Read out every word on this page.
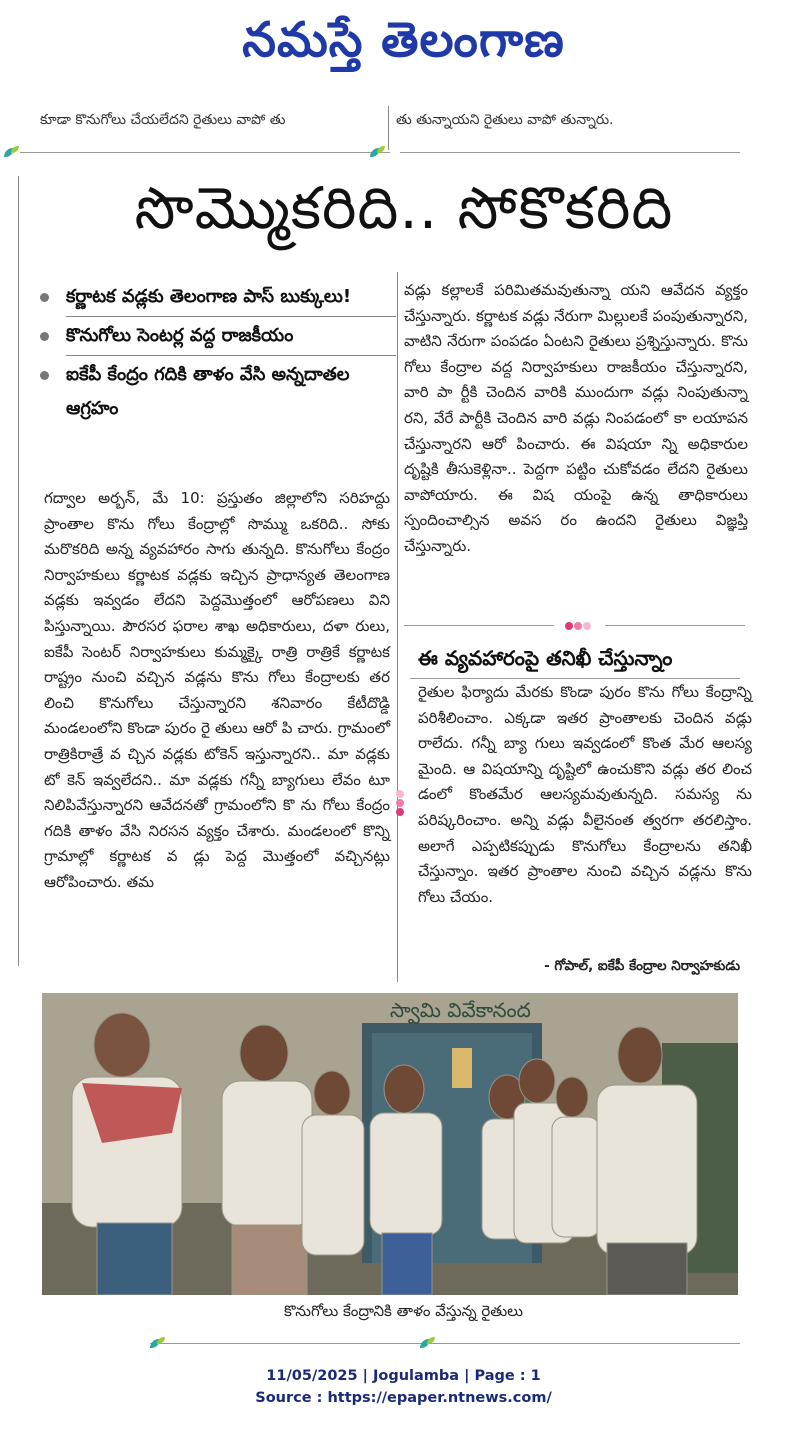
నమస్తే తెలంగాణ
కూడా కొనుగోలు చేయలేదని రైతులు వాపో తు	తు తున్నాయని రైతులు వాపో తున్నారు.
సొమ్మొకరిది.. సోకొకరిది
కర్ణాటక వడ్లకు తెలంగాణ పాస్ బుక్కులు!
కొనుగోలు సెంటర్ల వద్ద రాజకీయం
ఐకేపీ కేంద్రం గదికి తాళం వేసి అన్నదాతల ఆగ్రహం

గద్వాల అర్బన్, మే 10: ప్రస్తుతం జిల్లాలోని సరిహద్దు ప్రాంతాల కొను గోలు కేంద్రాల్లో సొమ్ము ఒకరిది.. సోకు మరొకరిది అన్న వ్యవహారం సాగు తున్నది. కొనుగోలు కేంద్రం నిర్వాహకులు కర్ణాటక వడ్లకు ఇచ్చిన ప్రాధాన్యత తెలంగాణ వడ్లకు ఇవ్వడం లేదని పెద్దమొత్తంలో ఆరోపణలు విని పిస్తున్నాయి. పౌరసర ఫరాల శాఖ అధికారులు, దళా రులు, ఐకేపీ సెంటర్ నిర్వాహకులు కుమ్మక్కై రాత్రి రాత్రికే కర్ణాటక రాష్ట్రం నుంచి వచ్చిన వడ్లను కొను గోలు కేంద్రాలకు తర లించి కొనుగోలు చేస్తున్నారని శనివారం కేటీదొడ్డి మండలంలోని కొండా పురం రై తులు ఆరో పి చారు. గ్రామంలో రాత్రికిరాత్రే వ చ్చిన వడ్లకు టోకెన్ ఇస్తున్నారని.. మా వడ్లకు టో కెన్ ఇవ్వలేదని.. మా వడ్లకు గన్నీ బ్యాగులు లేవం టూ నిలిపివేస్తున్నారని ఆవేదనతో గ్రామంలోని కొ ను గోలు కేంద్రం గదికి తాళం వేసి నిరసన వ్యక్తం చేశారు. మండలంలో కొన్ని గ్రామాల్లో కర్ణాటక వ డ్లు పెద్ద మొత్తంలో వచ్చినట్లు ఆరోపించారు. తమ

వడ్లు కల్లాలకే పరిమితమవుతున్నా యని ఆవేదన వ్యక్తం చేస్తున్నారు. కర్ణాటక వడ్లు నేరుగా మిల్లులకే పంపుతున్నారని, వాటిని నేరుగా పంపడం ఏంటని రైతులు ప్రశ్నిస్తున్నారు. కొను గోలు కేంద్రాల వద్ద నిర్వాహకులు రాజకీయం చేస్తున్నారని, వారి పా ర్టీకి చెందిన వారికి ముందుగా వడ్లు నింపుతున్నా రని, వేరే పార్టీకి చెందిన వారి వడ్లు నింపడంలో కా లయాపన చేస్తున్నారని ఆరో పించారు. ఈ విషయా న్ని అధికారుల దృష్టికి తీసుకెళ్లినా.. పెద్దగా పట్టిం చుకోవడం లేదని రైతులు వాపోయారు. ఈ విష యంపై ఉన్న తాధికారులు స్పందించాల్సిన అవస రం ఉందని రైతులు విజ్ఞప్తి చేస్తున్నారు.

ఈ వ్యవహారంపై తనిఖీ చేస్తున్నాం

రైతుల ఫిర్యాదు మేరకు కొండా పురం కొను గోలు కేంద్రాన్ని పరిశీలించాం. ఎక్కడా ఇతర ప్రాంతాలకు చెందిన వడ్లు రాలేదు. గన్నీ బ్యా గులు ఇవ్వడంలో కొంత మేర ఆలస్య మైంది. ఆ విషయాన్ని దృష్టిలో ఉంచుకొని వడ్లు తర లించ డంలో కొంతమేర ఆలస్యమవుతున్నది. సమస్య ను పరిష్కరించాం. అన్ని వడ్లు వీలైనంత త్వరగా తరలిస్తాం. అలాగే ఎప్పటికప్పుడు కొనుగోలు కేంద్రాలను తనిఖీ చేస్తున్నాం. ఇతర ప్రాంతాల నుంచి వచ్చిన వడ్లను కొను గోలు చేయం.

- గోపాల్, ఐకేపీ కేంద్రాల నిర్వాహకుడు
స్వామి వివేకానంద
కొనుగోలు కేంద్రానికి తాళం వేస్తున్న రైతులు
11/05/2025 | Jogulamba | Page : 1
Source : https://epaper.ntnews.com/
